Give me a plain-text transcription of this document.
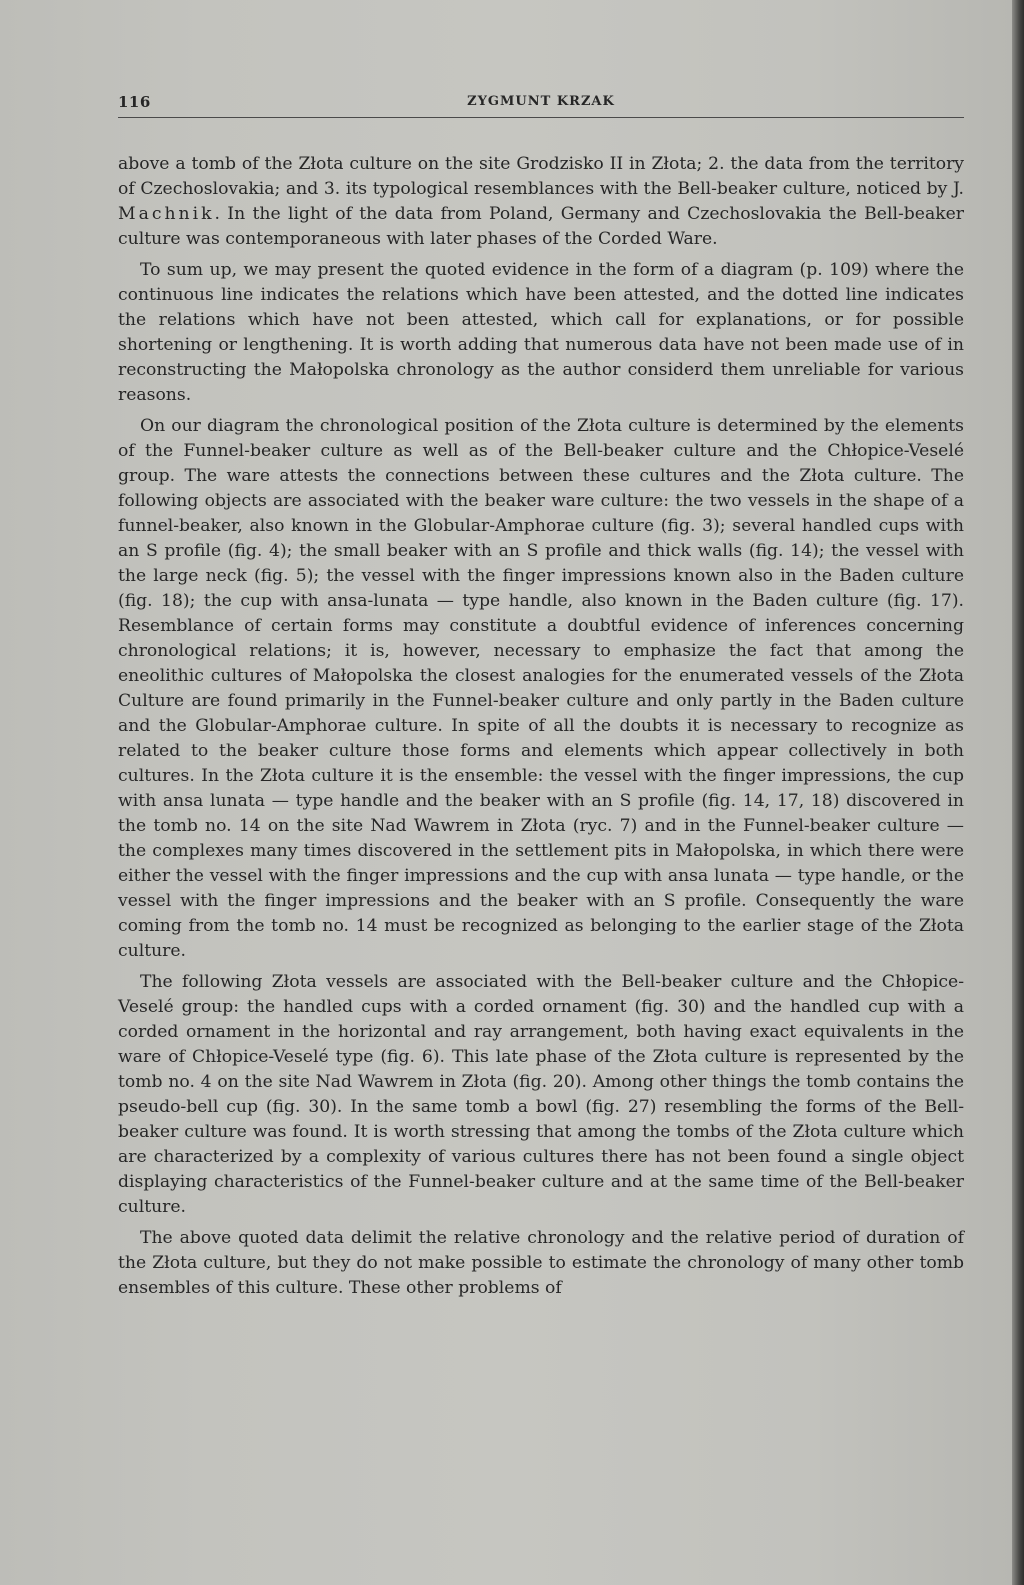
116	ZYGMUNT KRZAK

above a tomb of the Złota culture on the site Grodzisko II in Złota; 2. the data from the territory of Czechoslovakia; and 3. its typological resemblances with the Bell-beaker culture, noticed by J. Machnik. In the light of the data from Poland, Germany and Czechoslovakia the Bell-beaker culture was contemporaneous with later phases of the Corded Ware.

To sum up, we may present the quoted evidence in the form of a diagram (p. 109) where the continuous line indicates the relations which have been attested, and the dotted line indicates the relations which have not been attested, which call for explanations, or for possible shortening or lengthening. It is worth adding that numerous data have not been made use of in reconstructing the Małopolska chronology as the author considerd them unreliable for various reasons.

On our diagram the chronological position of the Złota culture is determined by the elements of the Funnel-beaker culture as well as of the Bell-beaker culture and the Chłopice-Veselé group. The ware attests the connections between these cultures and the Złota culture. The following objects are associated with the beaker ware culture: the two vessels in the shape of a funnel-beaker, also known in the Globular-Amphorae culture (fig. 3); several handled cups with an S profile (fig. 4); the small beaker with an S profile and thick walls (fig. 14); the vessel with the large neck (fig. 5); the vessel with the finger impressions known also in the Baden culture (fig. 18); the cup with ansa-lunata — type handle, also known in the Baden culture (fig. 17). Resemblance of certain forms may constitute a doubtful evidence of inferences concerning chronological relations; it is, however, necessary to emphasize the fact that among the eneolithic cultures of Małopolska the closest analogies for the enumerated vessels of the Złota Culture are found primarily in the Funnel-beaker culture and only partly in the Baden culture and the Globular-Amphorae culture. In spite of all the doubts it is necessary to recognize as related to the beaker culture those forms and elements which appear collectively in both cultures. In the Złota culture it is the ensemble: the vessel with the finger impressions, the cup with ansa lunata — type handle and the beaker with an S profile (fig. 14, 17, 18) discovered in the tomb no. 14 on the site Nad Wawrem in Złota (ryc. 7) and in the Funnel-beaker culture — the complexes many times discovered in the settlement pits in Małopolska, in which there were either the vessel with the finger impressions and the cup with ansa lunata — type handle, or the vessel with the finger impressions and the beaker with an S profile. Consequently the ware coming from the tomb no. 14 must be recognized as belonging to the earlier stage of the Złota culture.

The following Złota vessels are associated with the Bell-beaker culture and the Chłopice-Veselé group: the handled cups with a corded ornament (fig. 30) and the handled cup with a corded ornament in the horizontal and ray arrangement, both having exact equivalents in the ware of Chłopice-Veselé type (fig. 6). This late phase of the Złota culture is represented by the tomb no. 4 on the site Nad Wawrem in Złota (fig. 20). Among other things the tomb contains the pseudo-bell cup (fig. 30). In the same tomb a bowl (fig. 27) resembling the forms of the Bell-beaker culture was found. It is worth stressing that among the tombs of the Złota culture which are characterized by a complexity of various cultures there has not been found a single object displaying characteristics of the Funnel-beaker culture and at the same time of the Bell-beaker culture.

The above quoted data delimit the relative chronology and the relative period of duration of the Złota culture, but they do not make possible to estimate the chronology of many other tomb ensembles of this culture. These other problems of
